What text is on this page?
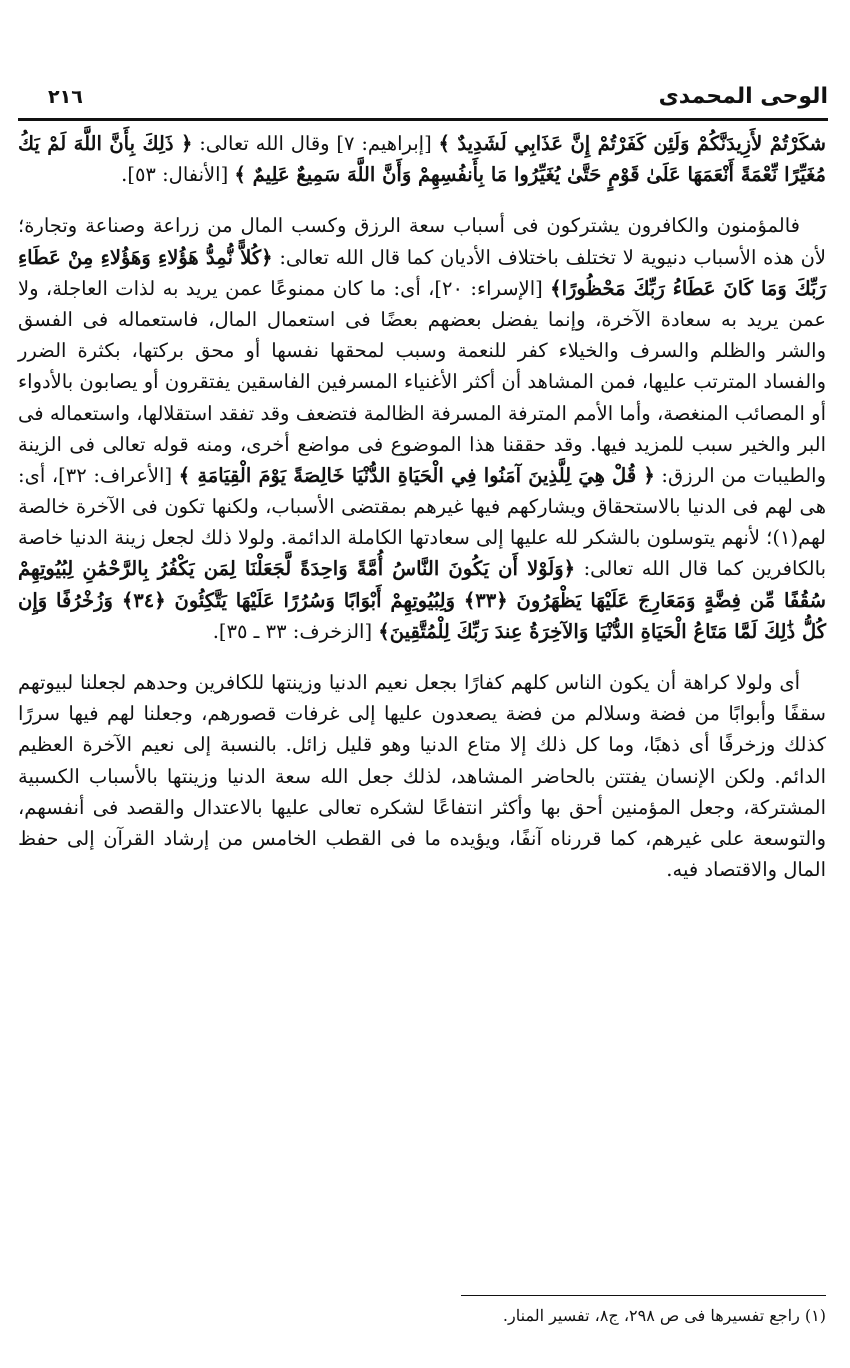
الوحى المحمدى
٢١٦

شكَرْتُمْ لأَزِيدَنَّكُمْ وَلَئِن كَفَرْتُمْ إِنَّ عَذَابِي لَشَدِيدٌ ﴾ [إبراهيم: ٧] وقال الله تعالى: ﴿ ذَلِكَ بِأَنَّ اللَّهَ لَمْ يَكُ مُغَيِّرًا نِّعْمَةً أَنْعَمَهَا عَلَىٰ قَوْمٍ حَتَّىٰ يُغَيِّرُوا مَا بِأَنفُسِهِمْ وَأَنَّ اللَّهَ سَمِيعٌ عَلِيمٌ ﴾ [الأنفال: ٥٣].

فالمؤمنون والكافرون يشتركون فى أسباب سعة الرزق وكسب المال من زراعة وصناعة وتجارة؛ لأن هذه الأسباب دنيوية لا تختلف باختلاف الأديان كما قال الله تعالى: ﴿كُلاًّ نُّمِدُّ هَؤُلاءِ وَهَؤُلاءِ مِنْ عَطَاءِ رَبِّكَ وَمَا كَانَ عَطَاءُ رَبِّكَ مَحْظُورًا﴾ [الإسراء: ٢٠]، أى: ما كان ممنوعًا عمن يريد به لذات العاجلة، ولا عمن يريد به سعادة الآخرة، وإنما يفضل بعضهم بعضًا فى استعمال المال، فاستعماله فى الفسق والشر والظلم والسرف والخيلاء كفر للنعمة وسبب لمحقها نفسها أو محق بركتها، بكثرة الضرر والفساد المترتب عليها، فمن المشاهد أن أكثر الأغنياء المسرفين الفاسقين يفتقرون أو يصابون بالأدواء أو المصائب المنغصة، وأما الأمم المترفة المسرفة الظالمة فتضعف وقد تفقد استقلالها، واستعماله فى البر والخير سبب للمزيد فيها. وقد حققنا هذا الموضوع فى مواضع أخرى، ومنه قوله تعالى فى الزينة والطيبات من الرزق: ﴿ قُلْ هِيَ لِلَّذِينَ آمَنُوا فِي الْحَيَاةِ الدُّنْيَا خَالِصَةً يَوْمَ الْقِيَامَةِ ﴾ [الأعراف: ٣٢]، أى: هى لهم فى الدنيا بالاستحقاق ويشاركهم فيها غيرهم بمقتضى الأسباب، ولكنها تكون فى الآخرة خالصة لهم(١)؛ لأنهم يتوسلون بالشكر لله عليها إلى سعادتها الكاملة الدائمة. ولولا ذلك لجعل زينة الدنيا خاصة بالكافرين كما قال الله تعالى: ﴿وَلَوْلا أَن يَكُونَ النَّاسُ أُمَّةً وَاحِدَةً لَّجَعَلْنَا لِمَن يَكْفُرُ بِالرَّحْمَٰنِ لِبُيُوتِهِمْ سُقُفًا مِّن فِضَّةٍ وَمَعَارِجَ عَلَيْهَا يَظْهَرُونَ ﴿٣٣﴾ وَلِبُيُوتِهِمْ أَبْوَابًا وَسُرُرًا عَلَيْهَا يَتَّكِئُونَ ﴿٣٤﴾ وَزُخْرُفًا وَإِن كُلُّ ذَٰلِكَ لَمَّا مَتَاعُ الْحَيَاةِ الدُّنْيَا وَالآخِرَةُ عِندَ رَبِّكَ لِلْمُتَّقِينَ﴾ [الزخرف: ٣٣ ـ ٣٥].

أى ولولا كراهة أن يكون الناس كلهم كفارًا بجعل نعيم الدنيا وزينتها للكافرين وحدهم لجعلنا لبيوتهم سقفًا وأبوابًا من فضة وسلالم من فضة يصعدون عليها إلى غرفات قصورهم، وجعلنا لهم فيها سررًا كذلك وزخرفًا أى ذهبًا، وما كل ذلك إلا متاع الدنيا وهو قليل زائل. بالنسبة إلى نعيم الآخرة العظيم الدائم. ولكن الإنسان يفتتن بالحاضر المشاهد، لذلك جعل الله سعة الدنيا وزينتها بالأسباب الكسبية المشتركة، وجعل المؤمنين أحق بها وأكثر انتفاعًا لشكره تعالى عليها بالاعتدال والقصد فى أنفسهم، والتوسعة على غيرهم، كما قررناه آنفًا، ويؤيده ما فى القطب الخامس من إرشاد القرآن إلى حفظ المال والاقتصاد فيه.

(١) راجع تفسيرها فى ص ٢٩٨، ج٨، تفسير المنار.
